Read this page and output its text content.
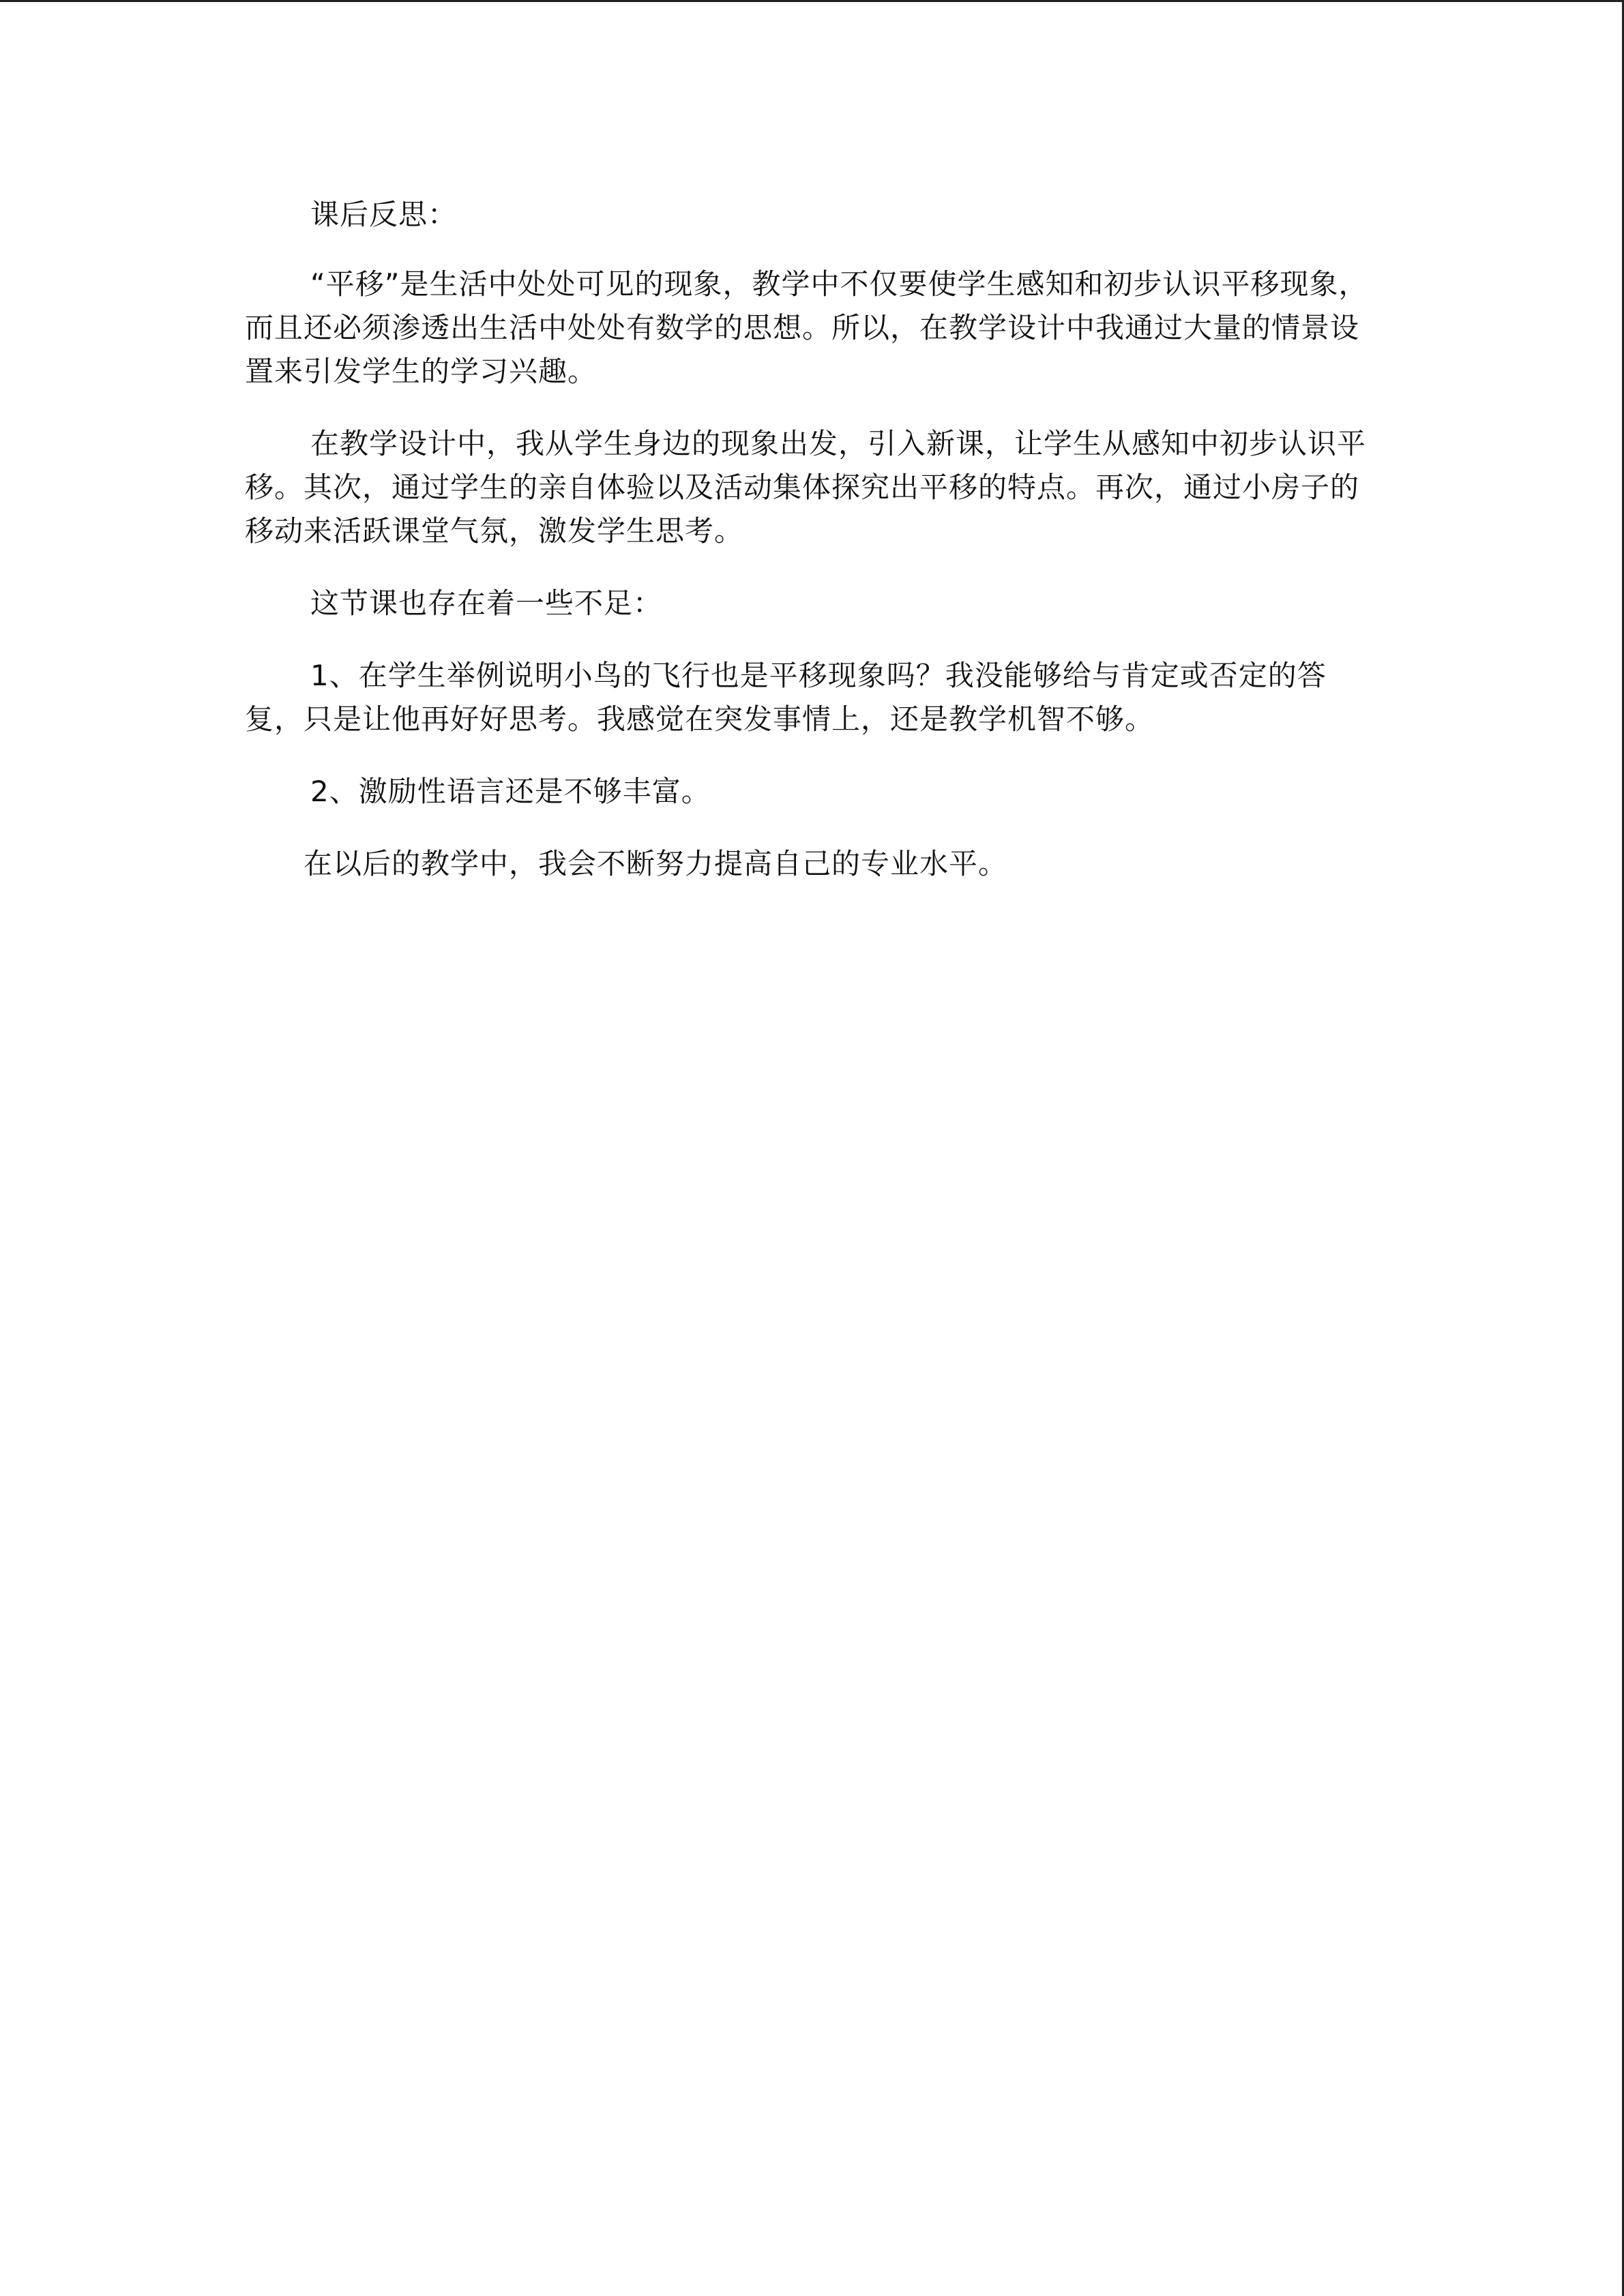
课后反思：

“平移”是生活中处处可见的现象，教学中不仅要使学生感知和初步认识平移现象，而且还必须渗透出生活中处处有数学的思想。所以，在教学设计中我通过大量的情景设置来引发学生的学习兴趣。

在教学设计中，我从学生身边的现象出发，引入新课，让学生从感知中初步认识平移。其次，通过学生的亲自体验以及活动集体探究出平移的特点。再次，通过小房子的移动来活跃课堂气氛，激发学生思考。

这节课也存在着一些不足：

1、在学生举例说明小鸟的飞行也是平移现象吗？我没能够给与肯定或否定的答复，只是让他再好好思考。我感觉在突发事情上，还是教学机智不够。

2、激励性语言还是不够丰富。

在以后的教学中，我会不断努力提高自己的专业水平。
